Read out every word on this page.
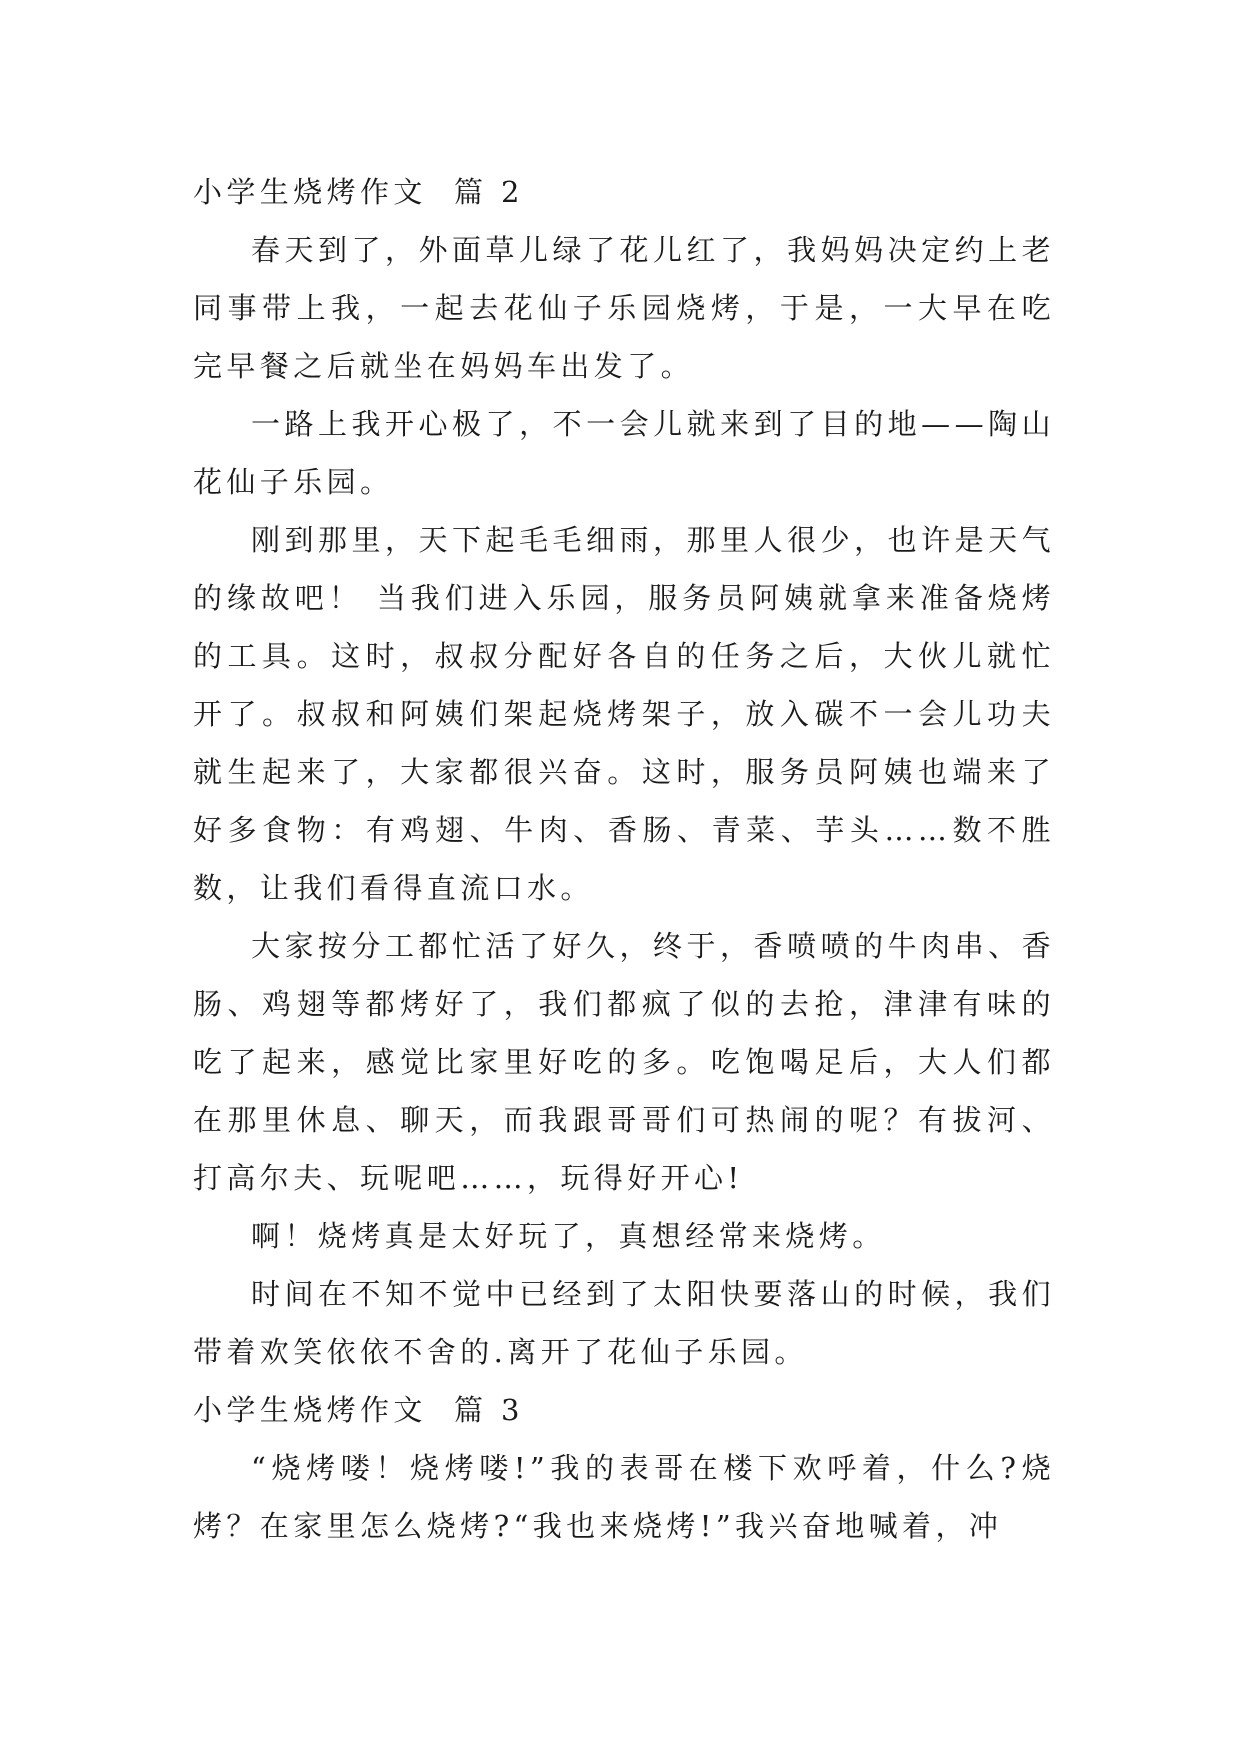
小学生烧烤作文  篇 2

春天到了，外面草儿绿了花儿红了，我妈妈决定约上老同事带上我，一起去花仙子乐园烧烤，于是，一大早在吃完早餐之后就坐在妈妈车出发了。

一路上我开心极了，不一会儿就来到了目的地——陶山花仙子乐园。

刚到那里，天下起毛毛细雨，那里人很少，也许是天气的缘故吧！ 当我们进入乐园，服务员阿姨就拿来准备烧烤的工具。这时，叔叔分配好各自的任务之后，大伙儿就忙开了。叔叔和阿姨们架起烧烤架子，放入碳不一会儿功夫就生起来了，大家都很兴奋。这时，服务员阿姨也端来了好多食物：有鸡翅、牛肉、香肠、青菜、芋头……数不胜数，让我们看得直流口水。

大家按分工都忙活了好久，终于，香喷喷的牛肉串、香肠、鸡翅等都烤好了，我们都疯了似的去抢，津津有味的吃了起来，感觉比家里好吃的多。吃饱喝足后，大人们都在那里休息、聊天，而我跟哥哥们可热闹的呢？有拔河、打高尔夫、玩呢吧……，玩得好开心!

啊！烧烤真是太好玩了，真想经常来烧烤。

时间在不知不觉中已经到了太阳快要落山的时候，我们带着欢笑依依不舍的.离开了花仙子乐园。

小学生烧烤作文  篇 3

“烧烤喽！烧烤喽!”我的表哥在楼下欢呼着，什么?烧烤？在家里怎么烧烤?“我也来烧烤!”我兴奋地喊着，冲
